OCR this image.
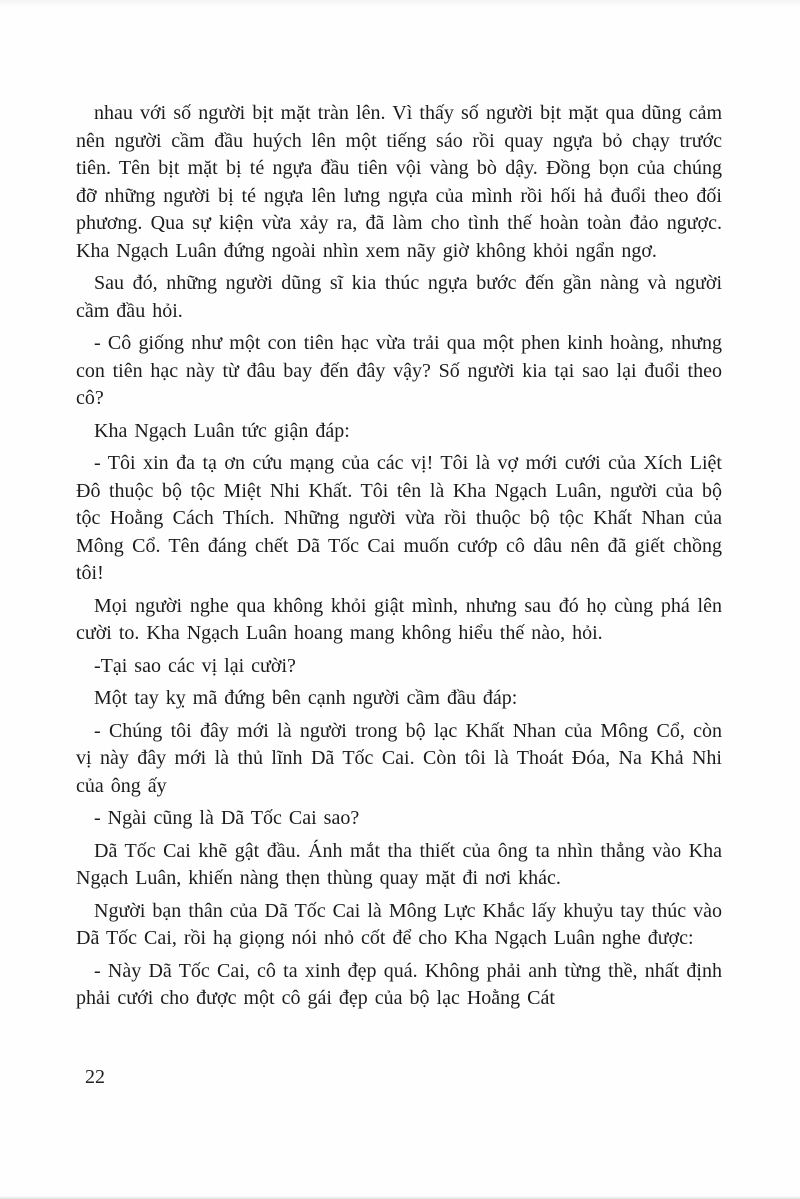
nhau với số người bịt mặt tràn lên. Vì thấy số người bịt mặt qua dũng cảm nên người cầm đầu huých lên một tiếng sáo rồi quay ngựa bỏ chạy trước tiên. Tên bịt mặt bị té ngựa đầu tiên vội vàng bò dậy. Đồng bọn của chúng đỡ những người bị té ngựa lên lưng ngựa của mình rồi hối hả đuổi theo đối phương. Qua sự kiện vừa xảy ra, đã làm cho tình thế hoàn toàn đảo ngược. Kha Ngạch Luân đứng ngoài nhìn xem nãy giờ không khỏi ngẩn ngơ.

Sau đó, những người dũng sĩ kia thúc ngựa bước đến gần nàng và người cầm đầu hỏi.

- Cô giống như một con tiên hạc vừa trải qua một phen kinh hoàng, nhưng con tiên hạc này từ đâu bay đến đây vậy? Số người kia tại sao lại đuổi theo cô?

Kha Ngạch Luân tức giận đáp:

- Tôi xin đa tạ ơn cứu mạng của các vị! Tôi là vợ mới cưới của Xích Liệt Đô thuộc bộ tộc Miệt Nhi Khất. Tôi tên là Kha Ngạch Luân, người của bộ tộc Hoằng Cách Thích. Những người vừa rồi thuộc bộ tộc Khất Nhan của Mông Cổ. Tên đáng chết Dã Tốc Cai muốn cướp cô dâu nên đã giết chồng tôi!

Mọi người nghe qua không khỏi giật mình, nhưng sau đó họ cùng phá lên cười to. Kha Ngạch Luân hoang mang không hiểu thế nào, hỏi.

-Tại sao các vị lại cười?

Một tay kỵ mã đứng bên cạnh người cầm đầu đáp:

- Chúng tôi đây mới là người trong bộ lạc Khất Nhan của Mông Cổ, còn vị này đây mới là thủ lĩnh Dã Tốc Cai. Còn tôi là Thoát Đóa, Na Khả Nhi của ông ấy

- Ngài cũng là Dã Tốc Cai sao?

Dã Tốc Cai khẽ gật đầu. Ánh mắt tha thiết của ông ta nhìn thẳng vào Kha Ngạch Luân, khiến nàng thẹn thùng quay mặt đi nơi khác.

Người bạn thân của Dã Tốc Cai là Mông Lực Khắc lấy khuỷu tay thúc vào Dã Tốc Cai, rồi hạ giọng nói nhỏ cốt để cho Kha Ngạch Luân nghe được:

- Này Dã Tốc Cai, cô ta xinh đẹp quá. Không phải anh từng thề, nhất định phải cưới cho được một cô gái đẹp của bộ lạc Hoằng Cát

22
